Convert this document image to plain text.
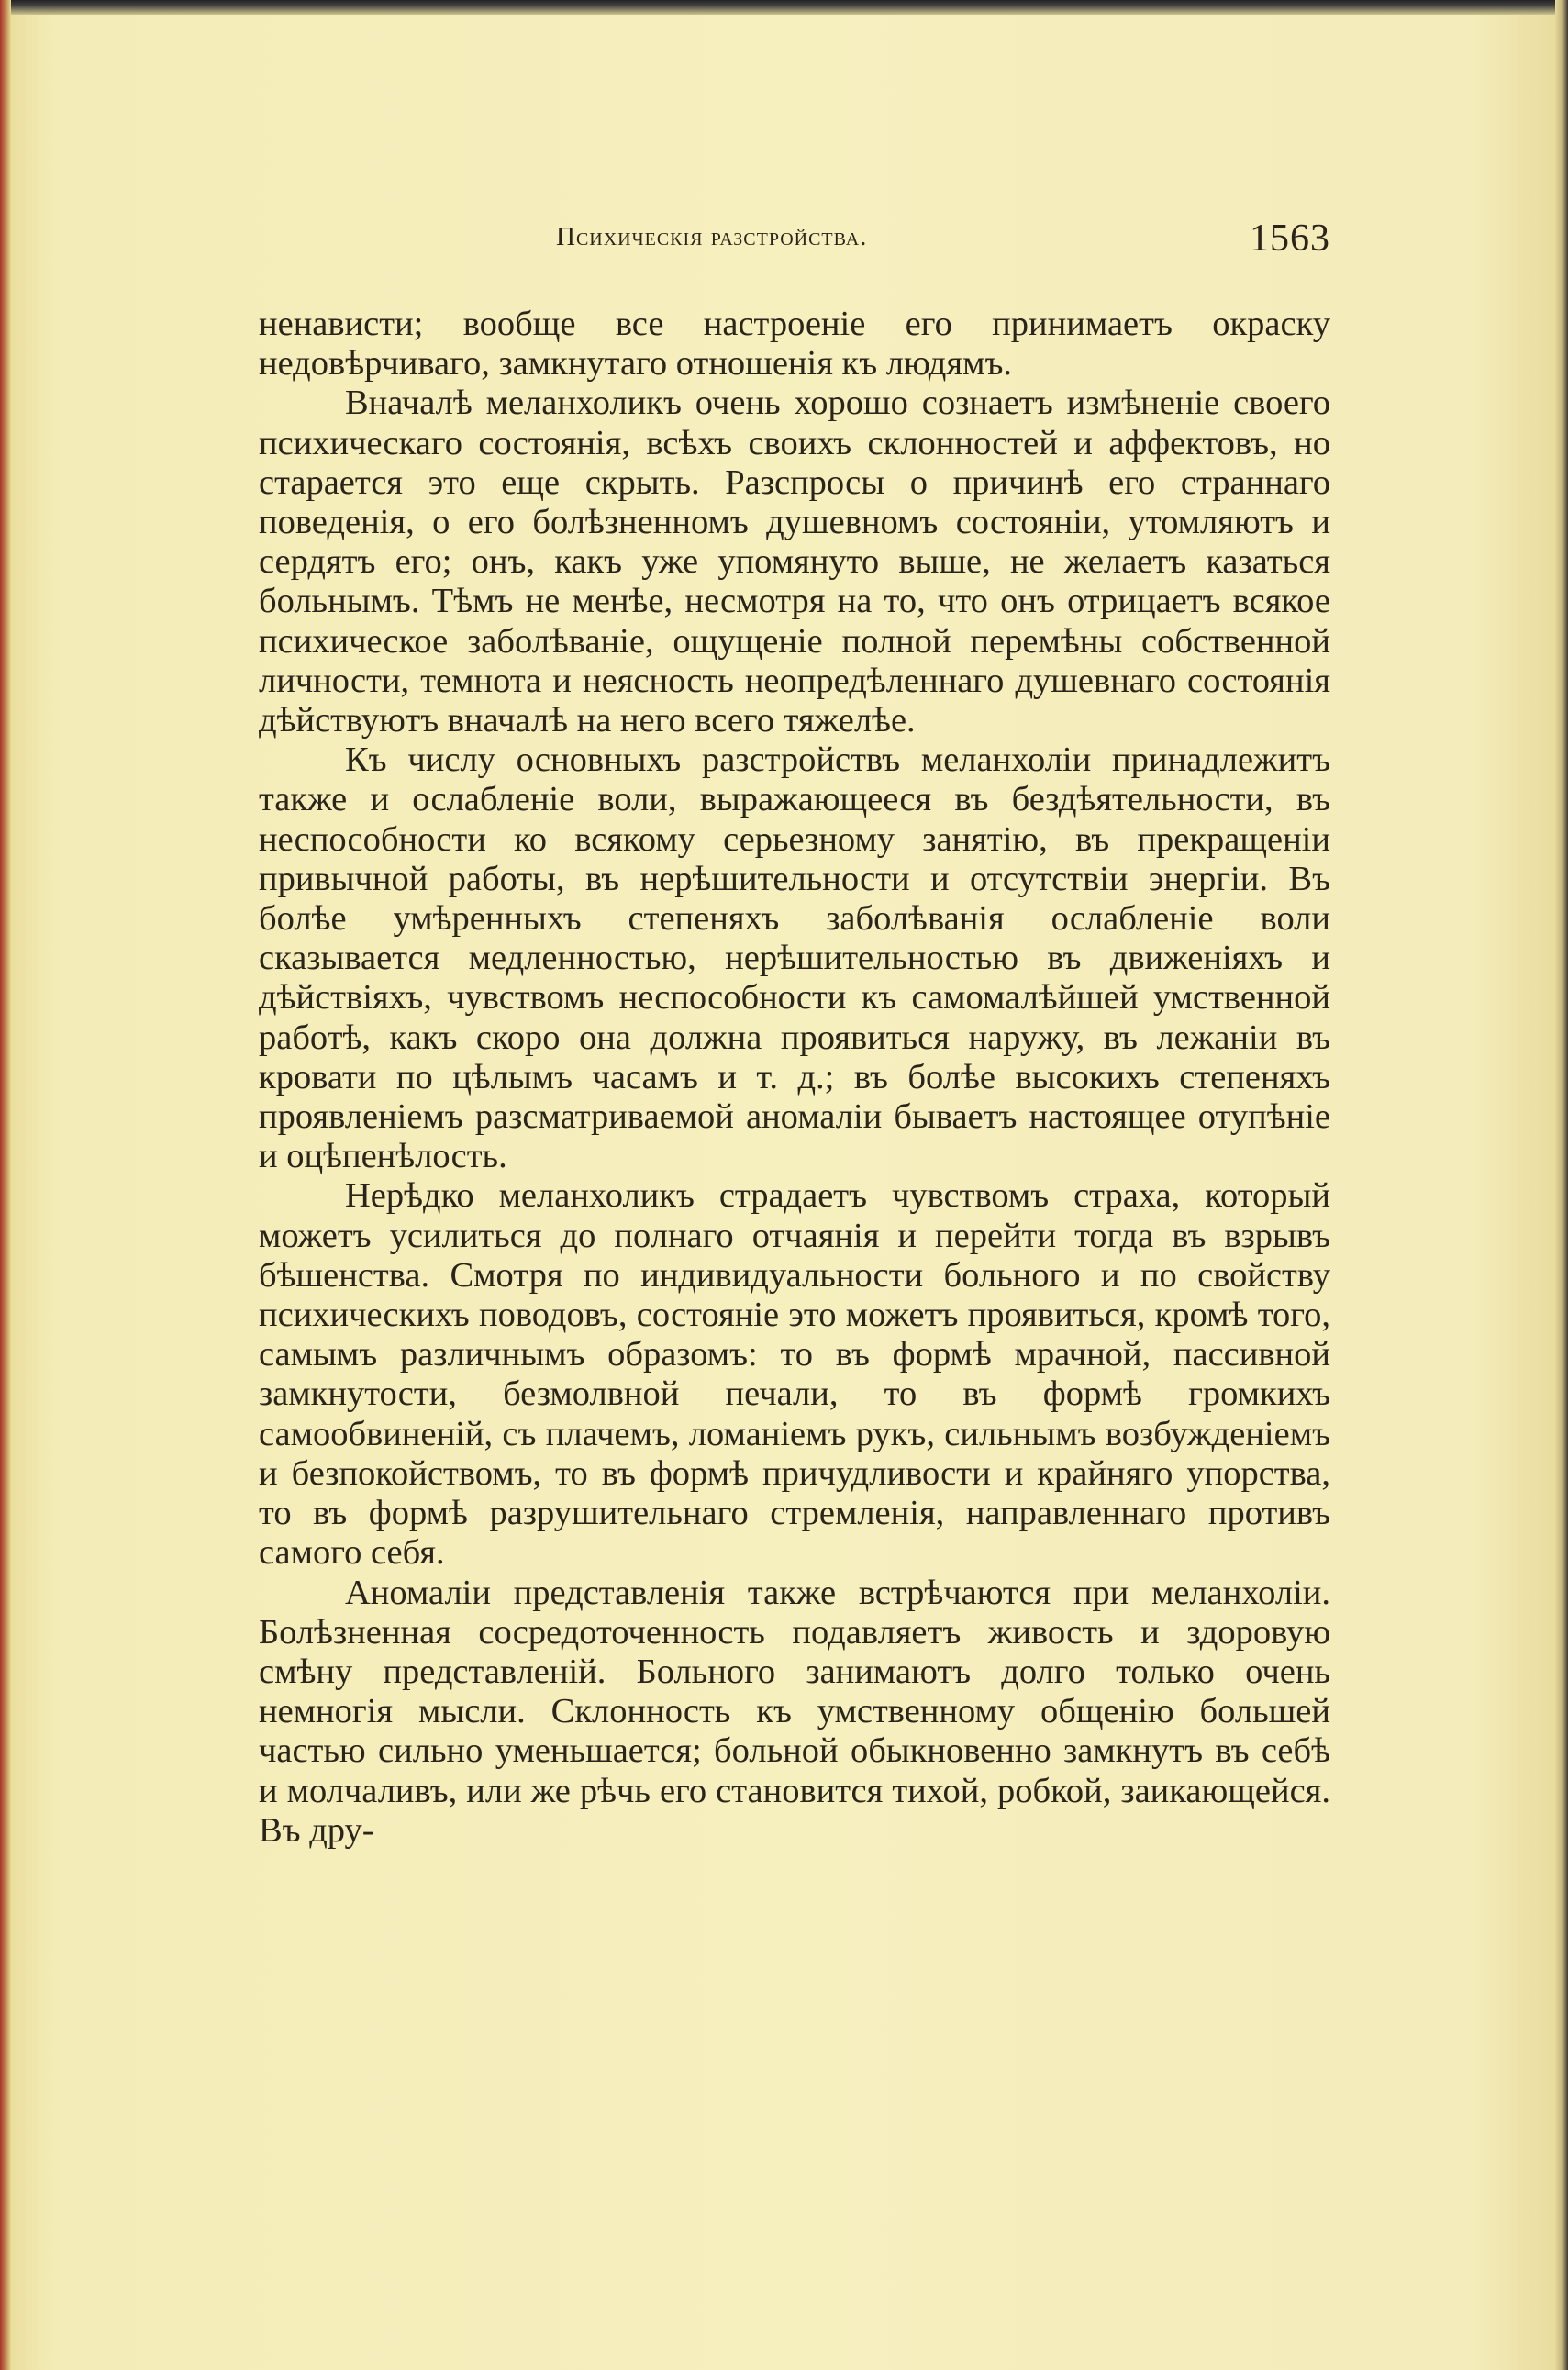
Психическія разстройства.	1563

ненависти; вообще все настроеніе его принимаетъ окраску недовѣрчиваго, замкнутаго отношенія къ людямъ.

Вначалѣ меланхоликъ очень хорошо сознаетъ измѣненіе своего психическаго состоянія, всѣхъ своихъ склонностей и аффектовъ, но старается это еще скрыть. Разспросы о причинѣ его страннаго поведенія, о его болѣзненномъ душевномъ состояніи, утомляютъ и сердятъ его; онъ, какъ уже упомянуто выше, не желаетъ казаться больнымъ. Тѣмъ не менѣе, несмотря на то, что онъ отрицаетъ всякое психическое заболѣваніе, ощущеніе полной перемѣны собственной личности, темнота и неясность неопредѣленнаго душевнаго состоянія дѣйствуютъ вначалѣ на него всего тяжелѣе.

Къ числу основныхъ разстройствъ меланхоліи принадлежитъ также и ослабленіе воли, выражающееся въ бездѣятельности, въ неспособности ко всякому серьезному занятію, въ прекращеніи привычной работы, въ нерѣшительности и отсутствіи энергіи. Въ болѣе умѣренныхъ степеняхъ заболѣванія ослабленіе воли сказывается медленностью, нерѣшительностью въ движеніяхъ и дѣйствіяхъ, чувствомъ неспособности къ самомалѣйшей умственной работѣ, какъ скоро она должна проявиться наружу, въ лежаніи въ кровати по цѣлымъ часамъ и т. д.; въ болѣе высокихъ степеняхъ проявленіемъ разсматриваемой аномаліи бываетъ настоящее отупѣніе и оцѣпенѣлость.

Нерѣдко меланхоликъ страдаетъ чувствомъ страха, который можетъ усилиться до полнаго отчаянія и перейти тогда въ взрывъ бѣшенства. Смотря по индивидуальности больного и по свойству психическихъ поводовъ, состояніе это можетъ проявиться, кромѣ того, самымъ различнымъ образомъ: то въ формѣ мрачной, пассивной замкнутости, безмолвной печали, то въ формѣ громкихъ самообвиненій, съ плачемъ, ломаніемъ рукъ, сильнымъ возбужденіемъ и безпокойствомъ, то въ формѣ причудливости и крайняго упорства, то въ формѣ разрушительнаго стремленія, направленнаго противъ самого себя.

Аномаліи представленія также встрѣчаются при меланхоліи. Болѣзненная сосредоточенность подавляетъ живость и здоровую смѣну представленій. Больного занимаютъ долго только очень немногія мысли. Склонность къ умственному общенію большей частью сильно уменьшается; больной обыкновенно замкнутъ въ себѣ и молчаливъ, или же рѣчь его становится тихой, робкой, заикающейся. Въ дру-
